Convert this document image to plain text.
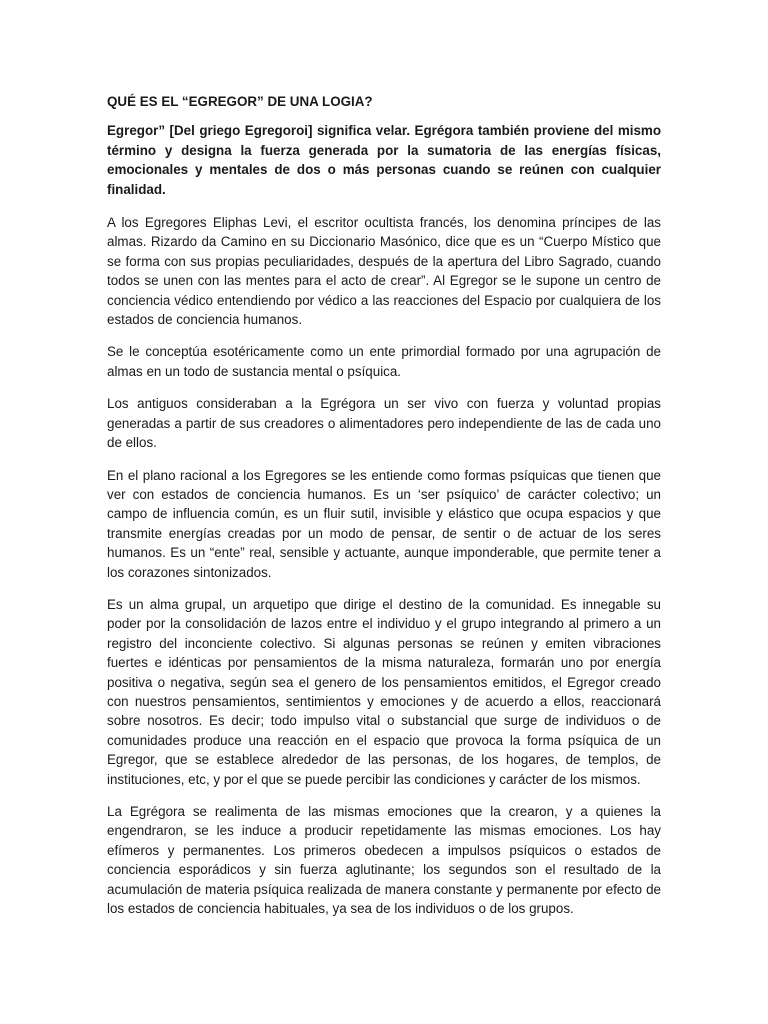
QUÉ ES EL “EGREGOR” DE UNA LOGIA?

Egregor” [Del griego Egregoroi] significa velar. Egrégora también proviene del mismo término y designa la fuerza generada por la sumatoria de las energías físicas, emocionales y mentales de dos o más personas cuando se reúnen con cualquier finalidad.

A los Egregores Eliphas Levi, el escritor ocultista francés, los denomina príncipes de las almas. Rizardo da Camino en su Diccionario Masónico, dice que es un “Cuerpo Místico que se forma con sus propias peculiaridades, después de la apertura del Libro Sagrado, cuando todos se unen con las mentes para el acto de crear”. Al Egregor se le supone un centro de conciencia védico entendiendo por védico a las reacciones del Espacio por cualquiera de los estados de conciencia humanos.

Se le conceptúa esotéricamente como un ente primordial formado por una agrupación de almas en un todo de sustancia mental o psíquica.

Los antiguos consideraban a la Egrégora un ser vivo con fuerza y voluntad propias generadas a partir de sus creadores o alimentadores pero independiente de las de cada uno de ellos.

En el plano racional a los Egregores se les entiende como formas psíquicas que tienen que ver con estados de conciencia humanos. Es un ‘ser psíquico’ de carácter colectivo; un campo de influencia común, es un fluir sutil, invisible y elástico que ocupa espacios y que transmite energías creadas por un modo de pensar, de sentir o de actuar de los seres humanos. Es un “ente” real, sensible y actuante, aunque imponderable, que permite tener a los corazones sintonizados.

Es un alma grupal, un arquetipo que dirige el destino de la comunidad. Es innegable su poder por la consolidación de lazos entre el individuo y el grupo integrando al primero a un registro del inconciente colectivo. Si algunas personas se reúnen y emiten vibraciones fuertes e idénticas por pensamientos de la misma naturaleza, formarán uno por energía positiva o negativa, según sea el genero de los pensamientos emitidos, el Egregor creado con nuestros pensamientos, sentimientos y emociones y de acuerdo a ellos, reaccionará sobre nosotros. Es decir; todo impulso vital o substancial que surge de individuos o de comunidades produce una reacción en el espacio que provoca la forma psíquica de un Egregor, que se establece alrededor de las personas, de los hogares, de templos, de instituciones, etc, y por el que se puede percibir las condiciones y carácter de los mismos.

La Egrégora se realimenta de las mismas emociones que la crearon, y a quienes la engendraron, se les induce a producir repetidamente las mismas emociones. Los hay efímeros y permanentes. Los primeros obedecen a impulsos psíquicos o estados de conciencia esporádicos y sin fuerza aglutinante; los segundos son el resultado de la acumulación de materia psíquica realizada de manera constante y permanente por efecto de los estados de conciencia habituales, ya sea de los individuos o de los grupos.
